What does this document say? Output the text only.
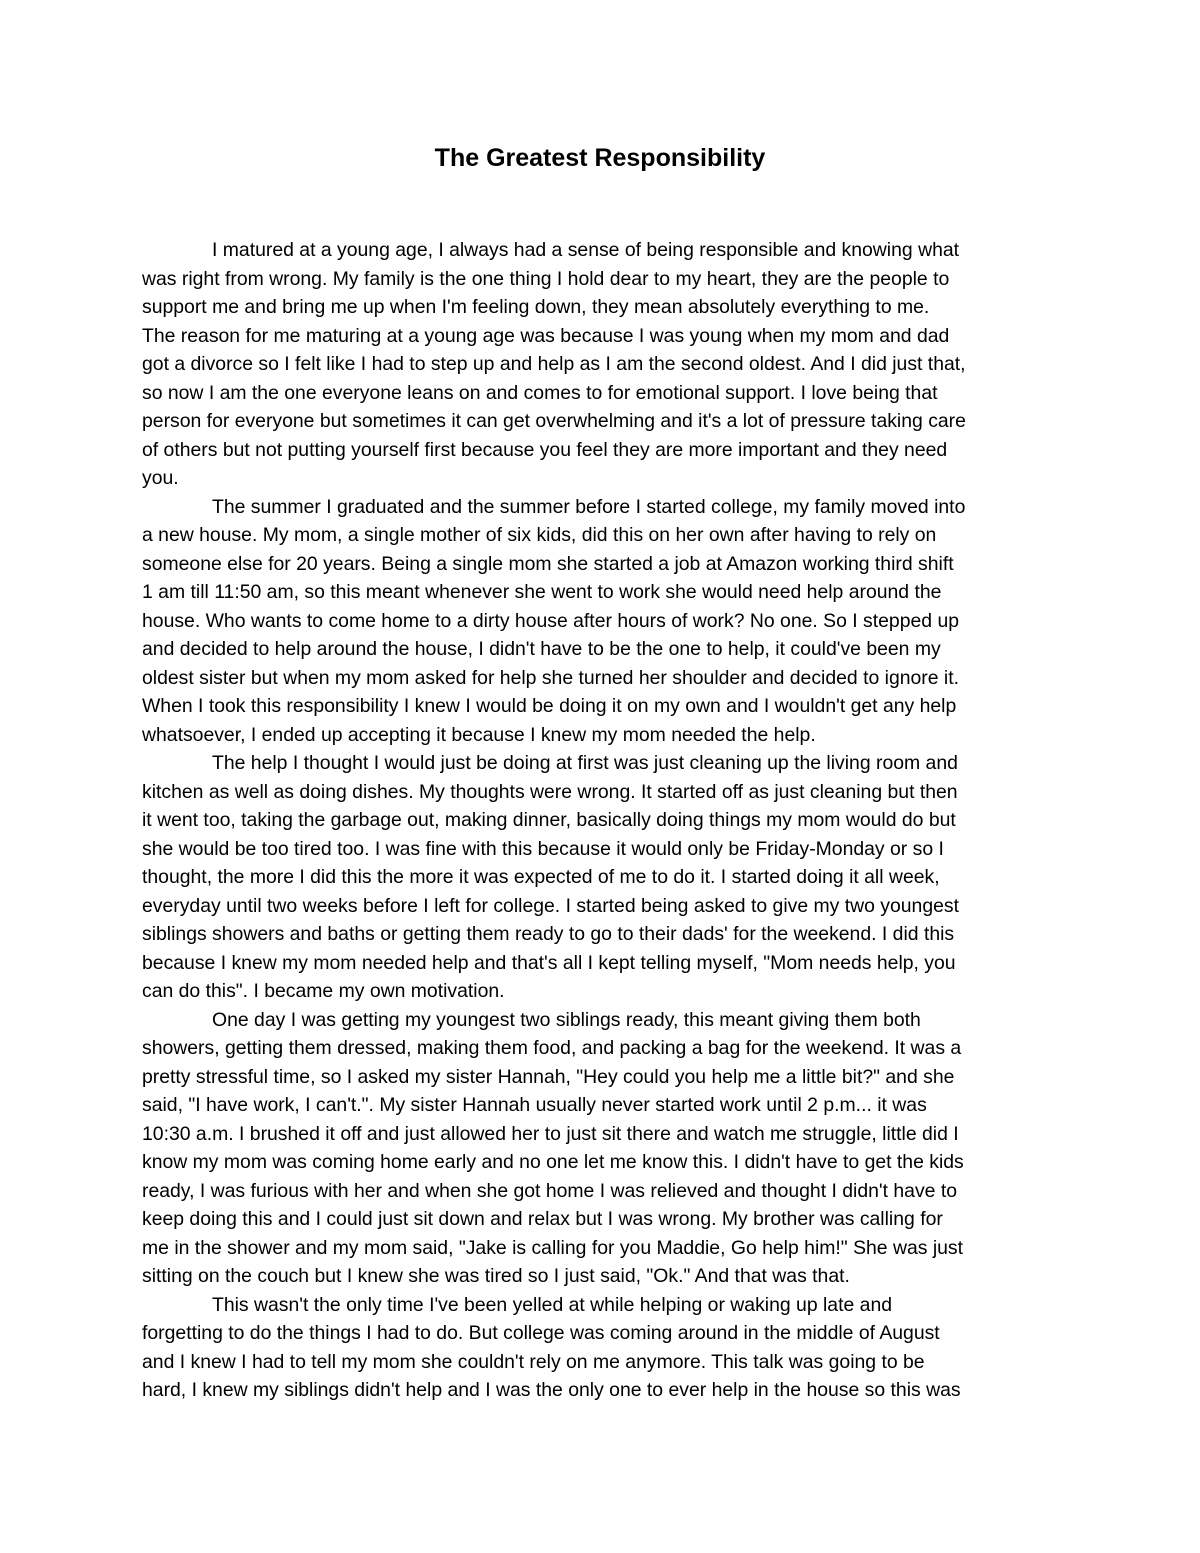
The Greatest Responsibility
I matured at a young age, I always had a sense of being responsible and knowing what
was right from wrong. My family is the one thing I hold dear to my heart, they are the people to
support me and bring me up when I'm feeling down, they mean absolutely everything to me.
The reason for me maturing at a young age was because I was young when my mom and dad
got a divorce so I felt like I had to step up and help as I am the second oldest. And I did just that,
so now I am the one everyone leans on and comes to for emotional support. I love being that
person for everyone but sometimes it can get overwhelming and it's a lot of pressure taking care
of others but not putting yourself first because you feel they are more important and they need
you.
The summer I graduated and the summer before I started college, my family moved into
a new house. My mom, a single mother of six kids, did this on her own after having to rely on
someone else for 20 years. Being a single mom she started a job at Amazon working third shift
1 am till 11:50 am, so this meant whenever she went to work she would need help around the
house. Who wants to come home to a dirty house after hours of work? No one. So I stepped up
and decided to help around the house, I didn't have to be the one to help, it could've been my
oldest sister but when my mom asked for help she turned her shoulder and decided to ignore it.
When I took this responsibility I knew I would be doing it on my own and I wouldn't get any help
whatsoever, I ended up accepting it because I knew my mom needed the help.
The help I thought I would just be doing at first was just cleaning up the living room and
kitchen as well as doing dishes. My thoughts were wrong. It started off as just cleaning but then
it went too, taking the garbage out, making dinner, basically doing things my mom would do but
she would be too tired too. I was fine with this because it would only be Friday-Monday or so I
thought, the more I did this the more it was expected of me to do it. I started doing it all week,
everyday until two weeks before I left for college. I started being asked to give my two youngest
siblings showers and baths or getting them ready to go to their dads' for the weekend. I did this
because I knew my mom needed help and that's all I kept telling myself, "Mom needs help, you
can do this". I became my own motivation.
One day I was getting my youngest two siblings ready, this meant giving them both
showers, getting them dressed, making them food, and packing a bag for the weekend. It was a
pretty stressful time, so I asked my sister Hannah, "Hey could you help me a little bit?" and she
said, "I have work, I can't.". My sister Hannah usually never started work until 2 p.m... it was
10:30 a.m. I brushed it off and just allowed her to just sit there and watch me struggle, little did I
know my mom was coming home early and no one let me know this. I didn't have to get the kids
ready, I was furious with her and when she got home I was relieved and thought I didn't have to
keep doing this and I could just sit down and relax but I was wrong. My brother was calling for
me in the shower and my mom said, "Jake is calling for you Maddie, Go help him!" She was just
sitting on the couch but I knew she was tired so I just said, "Ok." And that was that.
This wasn't the only time I've been yelled at while helping or waking up late and
forgetting to do the things I had to do. But college was coming around in the middle of August
and I knew I had to tell my mom she couldn't rely on me anymore. This talk was going to be
hard, I knew my siblings didn't help and I was the only one to ever help in the house so this was
